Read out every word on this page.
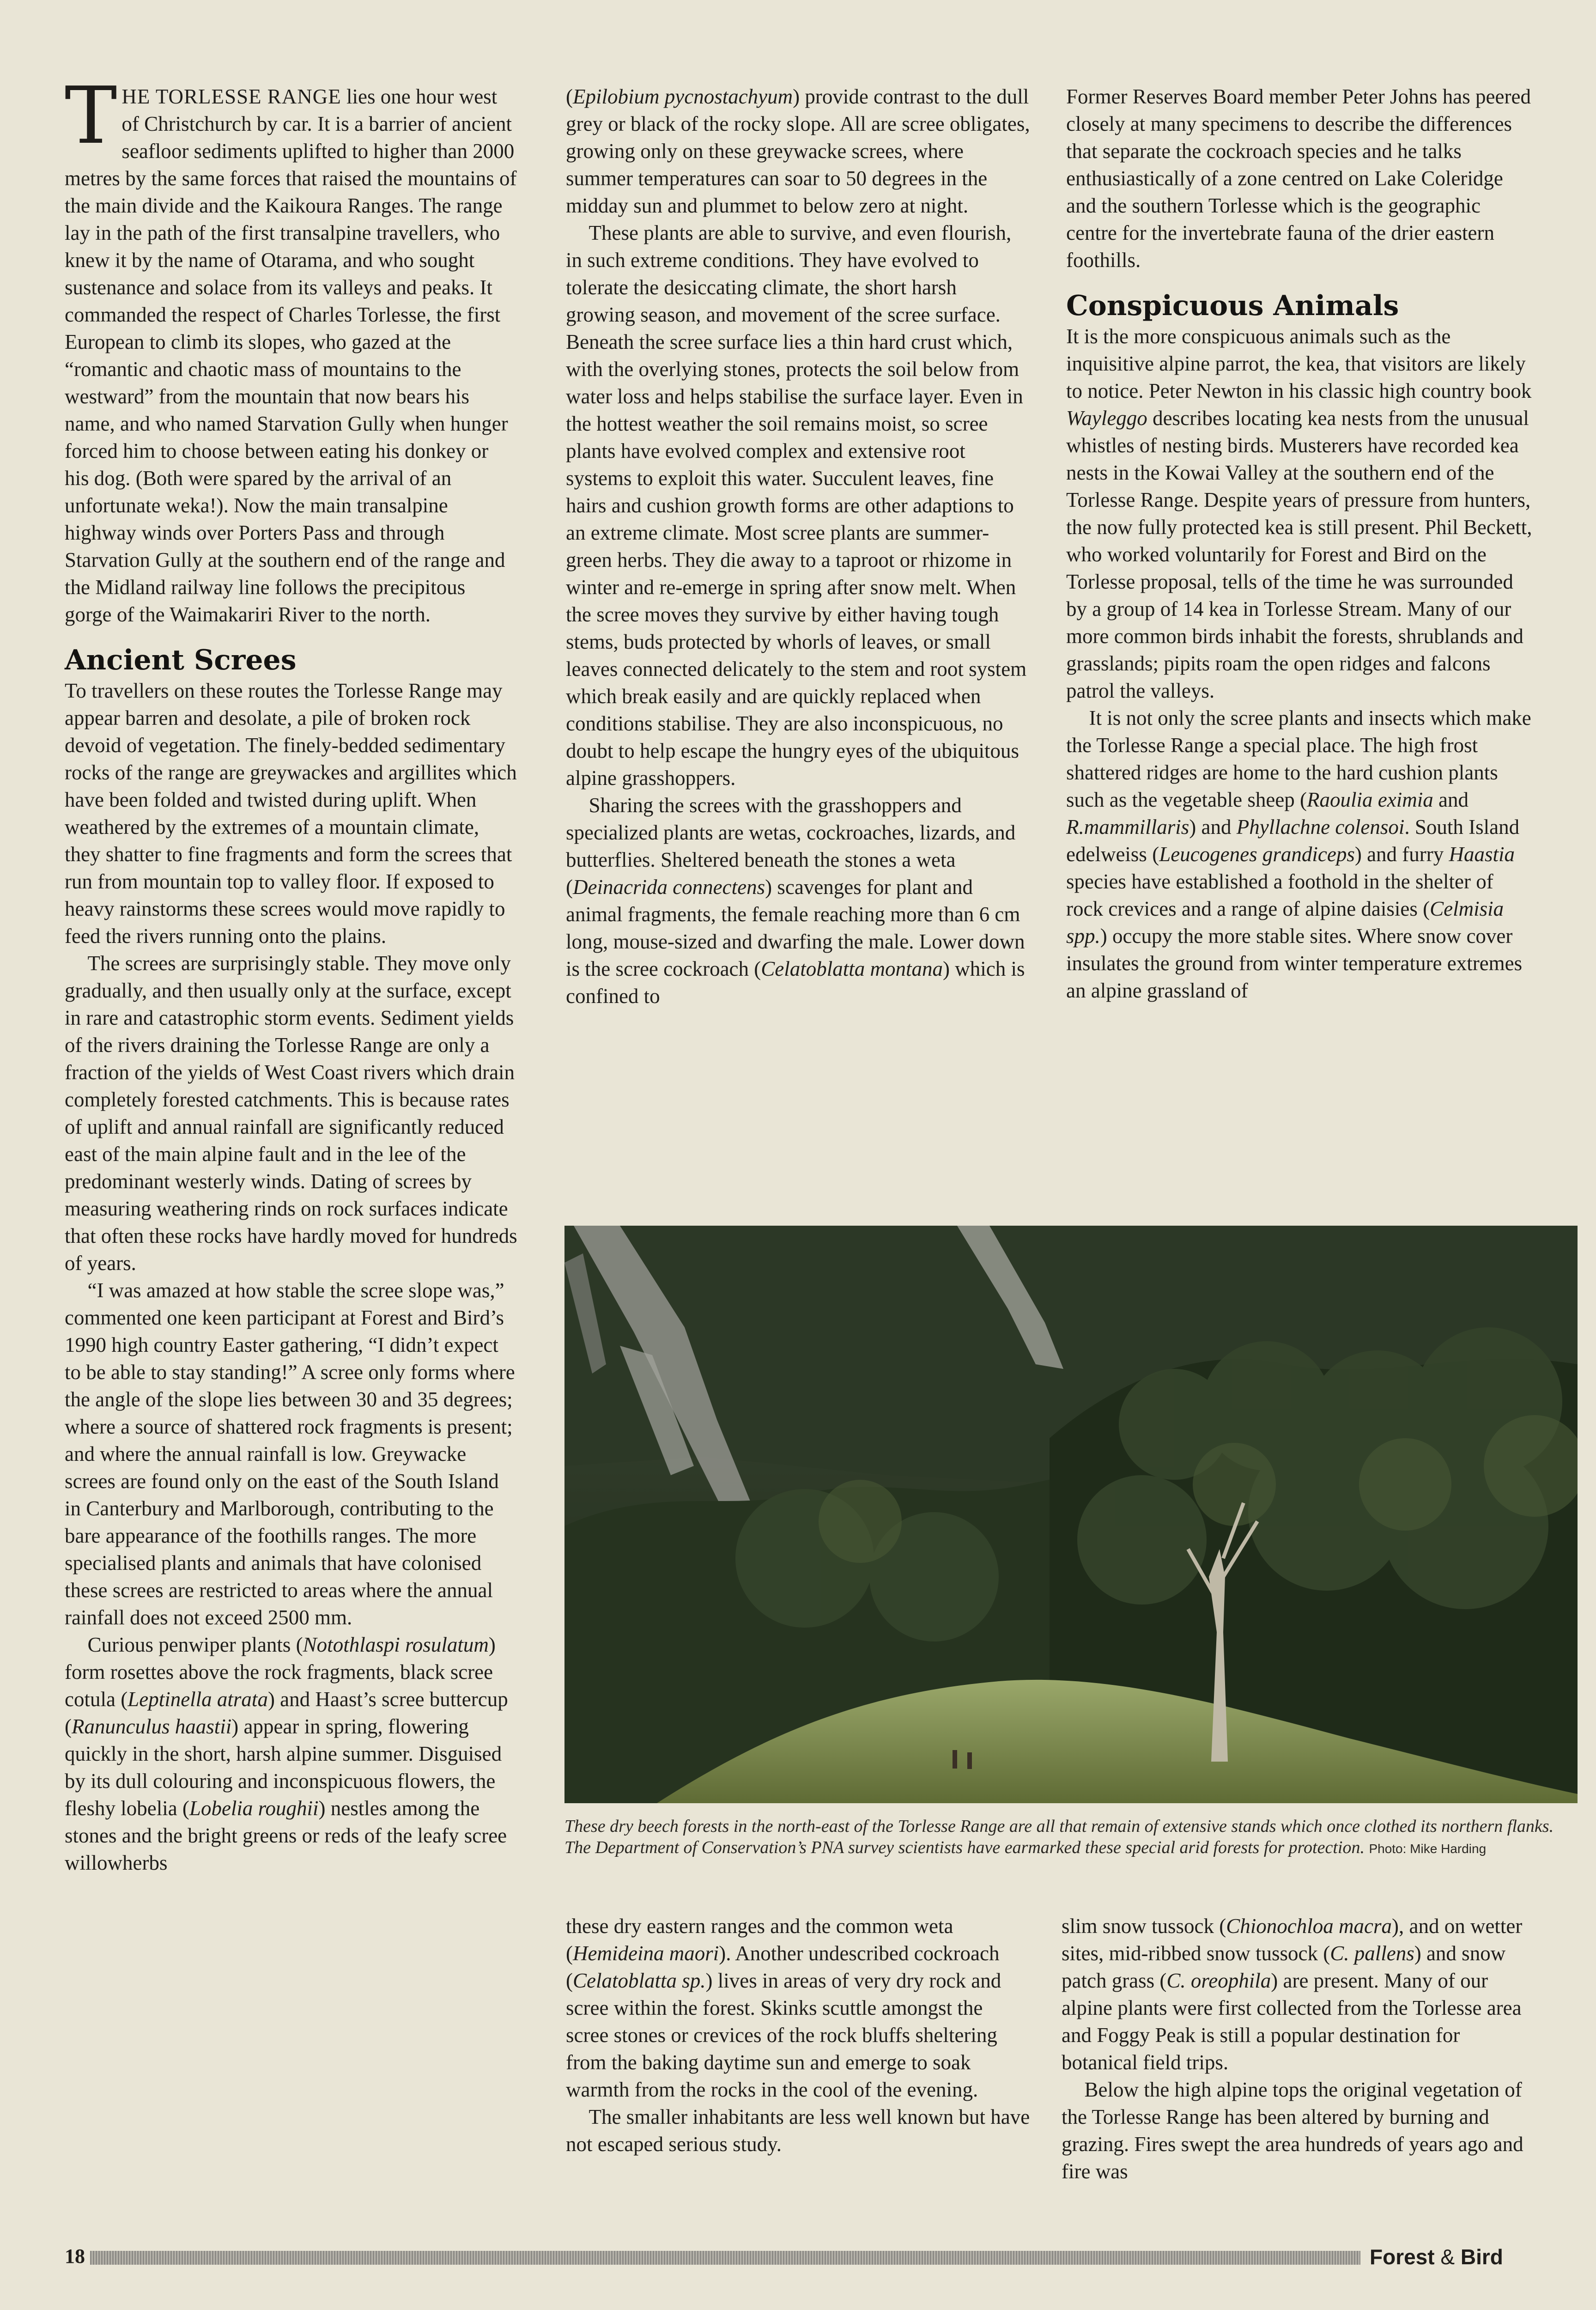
THE TORLESSE RANGE lies one hour west of Christchurch by car. It is a barrier of ancient seafloor sediments uplifted to higher than 2000 metres by the same forces that raised the mountains of the main divide and the Kaikoura Ranges. The range lay in the path of the first transalpine travellers, who knew it by the name of Otarama, and who sought sustenance and solace from its valleys and peaks. It commanded the respect of Charles Torlesse, the first European to climb its slopes, who gazed at the “romantic and chaotic mass of mountains to the westward” from the mountain that now bears his name, and who named Starvation Gully when hunger forced him to choose between eating his donkey or his dog. (Both were spared by the arrival of an unfortunate weka!). Now the main transalpine highway winds over Porters Pass and through Starvation Gully at the southern end of the range and the Midland railway line follows the precipitous gorge of the Waimakariri River to the north.

Ancient Screes

To travellers on these routes the Torlesse Range may appear barren and desolate, a pile of broken rock devoid of vegetation. The finely-bedded sedimentary rocks of the range are greywackes and argillites which have been folded and twisted during uplift. When weathered by the extremes of a mountain climate, they shatter to fine fragments and form the screes that run from mountain top to valley floor. If exposed to heavy rainstorms these screes would move rapidly to feed the rivers running onto the plains.

The screes are surprisingly stable. They move only gradually, and then usually only at the surface, except in rare and catastrophic storm events. Sediment yields of the rivers draining the Torlesse Range are only a fraction of the yields of West Coast rivers which drain completely forested catchments. This is because rates of uplift and annual rainfall are significantly reduced east of the main alpine fault and in the lee of the predominant westerly winds. Dating of screes by measuring weathering rinds on rock surfaces indicate that often these rocks have hardly moved for hundreds of years.

“I was amazed at how stable the scree slope was,” commented one keen participant at Forest and Bird’s 1990 high country Easter gathering, “I didn’t expect to be able to stay standing!” A scree only forms where the angle of the slope lies between 30 and 35 degrees; where a source of shattered rock fragments is present; and where the annual rainfall is low. Greywacke screes are found only on the east of the South Island in Canterbury and Marlborough, contributing to the bare appearance of the foothills ranges. The more specialised plants and animals that have colonised these screes are restricted to areas where the annual rainfall does not exceed 2500 mm.

Curious penwiper plants (Notothlaspi rosulatum) form rosettes above the rock fragments, black scree cotula (Leptinella atrata) and Haast’s scree buttercup (Ranunculus haastii) appear in spring, flowering quickly in the short, harsh alpine summer. Disguised by its dull colouring and inconspicuous flowers, the fleshy lobelia (Lobelia roughii) nestles among the stones and the bright greens or reds of the leafy scree willowherbs

(Epilobium pycnostachyum) provide contrast to the dull grey or black of the rocky slope. All are scree obligates, growing only on these greywacke screes, where summer temperatures can soar to 50 degrees in the midday sun and plummet to below zero at night.

These plants are able to survive, and even flourish, in such extreme conditions. They have evolved to tolerate the desiccating climate, the short harsh growing season, and movement of the scree surface. Beneath the scree surface lies a thin hard crust which, with the overlying stones, protects the soil below from water loss and helps stabilise the surface layer. Even in the hottest weather the soil remains moist, so scree plants have evolved complex and extensive root systems to exploit this water. Succulent leaves, fine hairs and cushion growth forms are other adaptions to an extreme climate. Most scree plants are summer-green herbs. They die away to a taproot or rhizome in winter and re-emerge in spring after snow melt. When the scree moves they survive by either having tough stems, buds protected by whorls of leaves, or small leaves connected delicately to the stem and root system which break easily and are quickly replaced when conditions stabilise. They are also inconspicuous, no doubt to help escape the hungry eyes of the ubiquitous alpine grasshoppers.

Sharing the screes with the grasshoppers and specialized plants are wetas, cockroaches, lizards, and butterflies. Sheltered beneath the stones a weta (Deinacrida connectens) scavenges for plant and animal fragments, the female reaching more than 6 cm long, mouse-sized and dwarfing the male. Lower down is the scree cockroach (Celatoblatta montana) which is confined to

Former Reserves Board member Peter Johns has peered closely at many specimens to describe the differences that separate the cockroach species and he talks enthusiastically of a zone centred on Lake Coleridge and the southern Torlesse which is the geographic centre for the invertebrate fauna of the drier eastern foothills.

Conspicuous Animals

It is the more conspicuous animals such as the inquisitive alpine parrot, the kea, that visitors are likely to notice. Peter Newton in his classic high country book Wayleggo describes locating kea nests from the unusual whistles of nesting birds. Musterers have recorded kea nests in the Kowai Valley at the southern end of the Torlesse Range. Despite years of pressure from hunters, the now fully protected kea is still present. Phil Beckett, who worked voluntarily for Forest and Bird on the Torlesse proposal, tells of the time he was surrounded by a group of 14 kea in Torlesse Stream. Many of our more common birds inhabit the forests, shrublands and grasslands; pipits roam the open ridges and falcons patrol the valleys.

It is not only the scree plants and insects which make the Torlesse Range a special place. The high frost shattered ridges are home to the hard cushion plants such as the vegetable sheep (Raoulia eximia and R.mammillaris) and Phyllachne colensoi. South Island edelweiss (Leucogenes grandiceps) and furry Haastia species have established a foothold in the shelter of rock crevices and a range of alpine daisies (Celmisia spp.) occupy the more stable sites. Where snow cover insulates the ground from winter temperature extremes an alpine grassland of

These dry beech forests in the north-east of the Torlesse Range are all that remain of extensive stands which once clothed its northern flanks. The Department of Conservation’s PNA survey scientists have earmarked these special arid forests for protection. Photo: Mike Harding

these dry eastern ranges and the common weta (Hemideina maori). Another undescribed cockroach (Celatoblatta sp.) lives in areas of very dry rock and scree within the forest. Skinks scuttle amongst the scree stones or crevices of the rock bluffs sheltering from the baking daytime sun and emerge to soak warmth from the rocks in the cool of the evening.

The smaller inhabitants are less well known but have not escaped serious study.

slim snow tussock (Chionochloa macra), and on wetter sites, mid-ribbed snow tussock (C. pallens) and snow patch grass (C. oreophila) are present. Many of our alpine plants were first collected from the Torlesse area and Foggy Peak is still a popular destination for botanical field trips.

Below the high alpine tops the original vegetation of the Torlesse Range has been altered by burning and grazing. Fires swept the area hundreds of years ago and fire was

18	Forest & Bird
